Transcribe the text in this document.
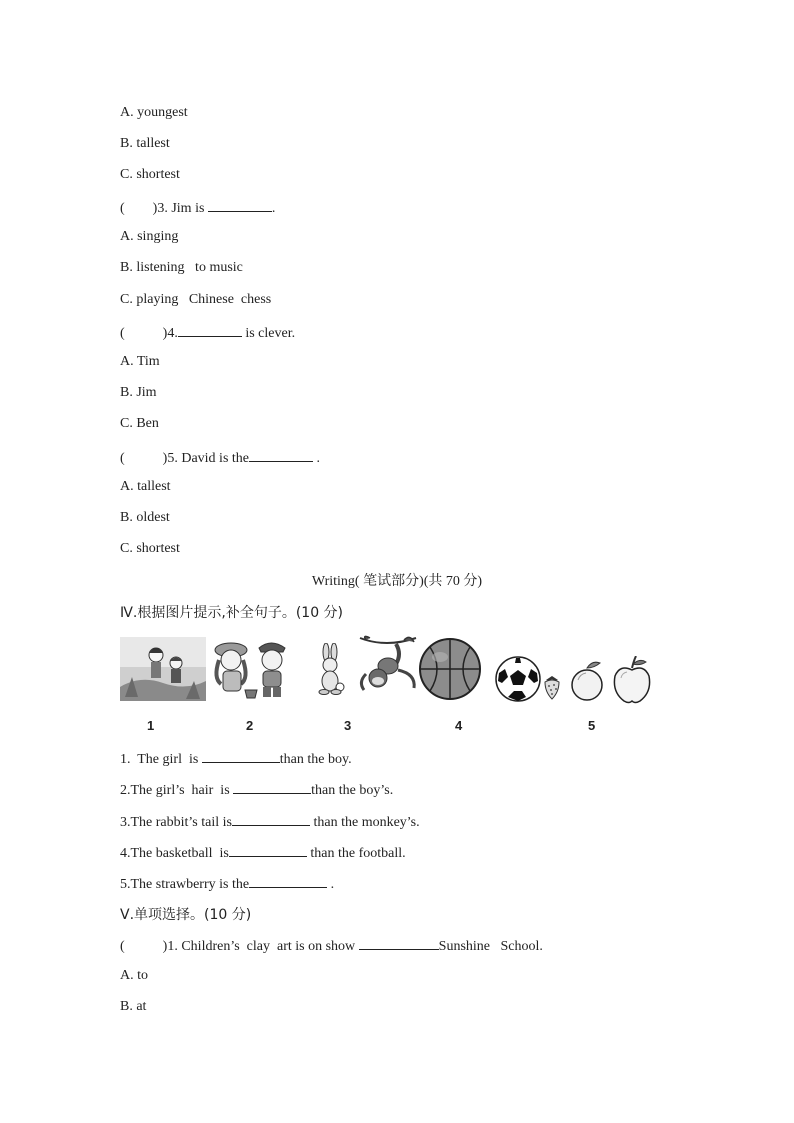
A. youngest
B. tallest
C. shortest
( )3. Jim is	.
A. singing
B. listening   to music
C. playing   Chinese  chess
(	)4.	is clever.
A. Tim
B. Jim
C. Ben
(	)5. David is the	.
A. tallest
B. oldest
C. shortest
Writing( 笔试部分)(共 70 分)
Ⅳ.根据图片提示,补全句子。(10 分)
1	2	3	4	5
1.  The girl  is	than the boy.
2.The girl’s  hair  is	than the boy’s.
3.The rabbit’s tail is	than the monkey’s.
4.The basketball  is	than the football.
5.The strawberry is the	.
Ⅴ.单项选择。(10 分)
(	)1. Children’s  clay  art is on show	Sunshine   School.
A. to
B. at
